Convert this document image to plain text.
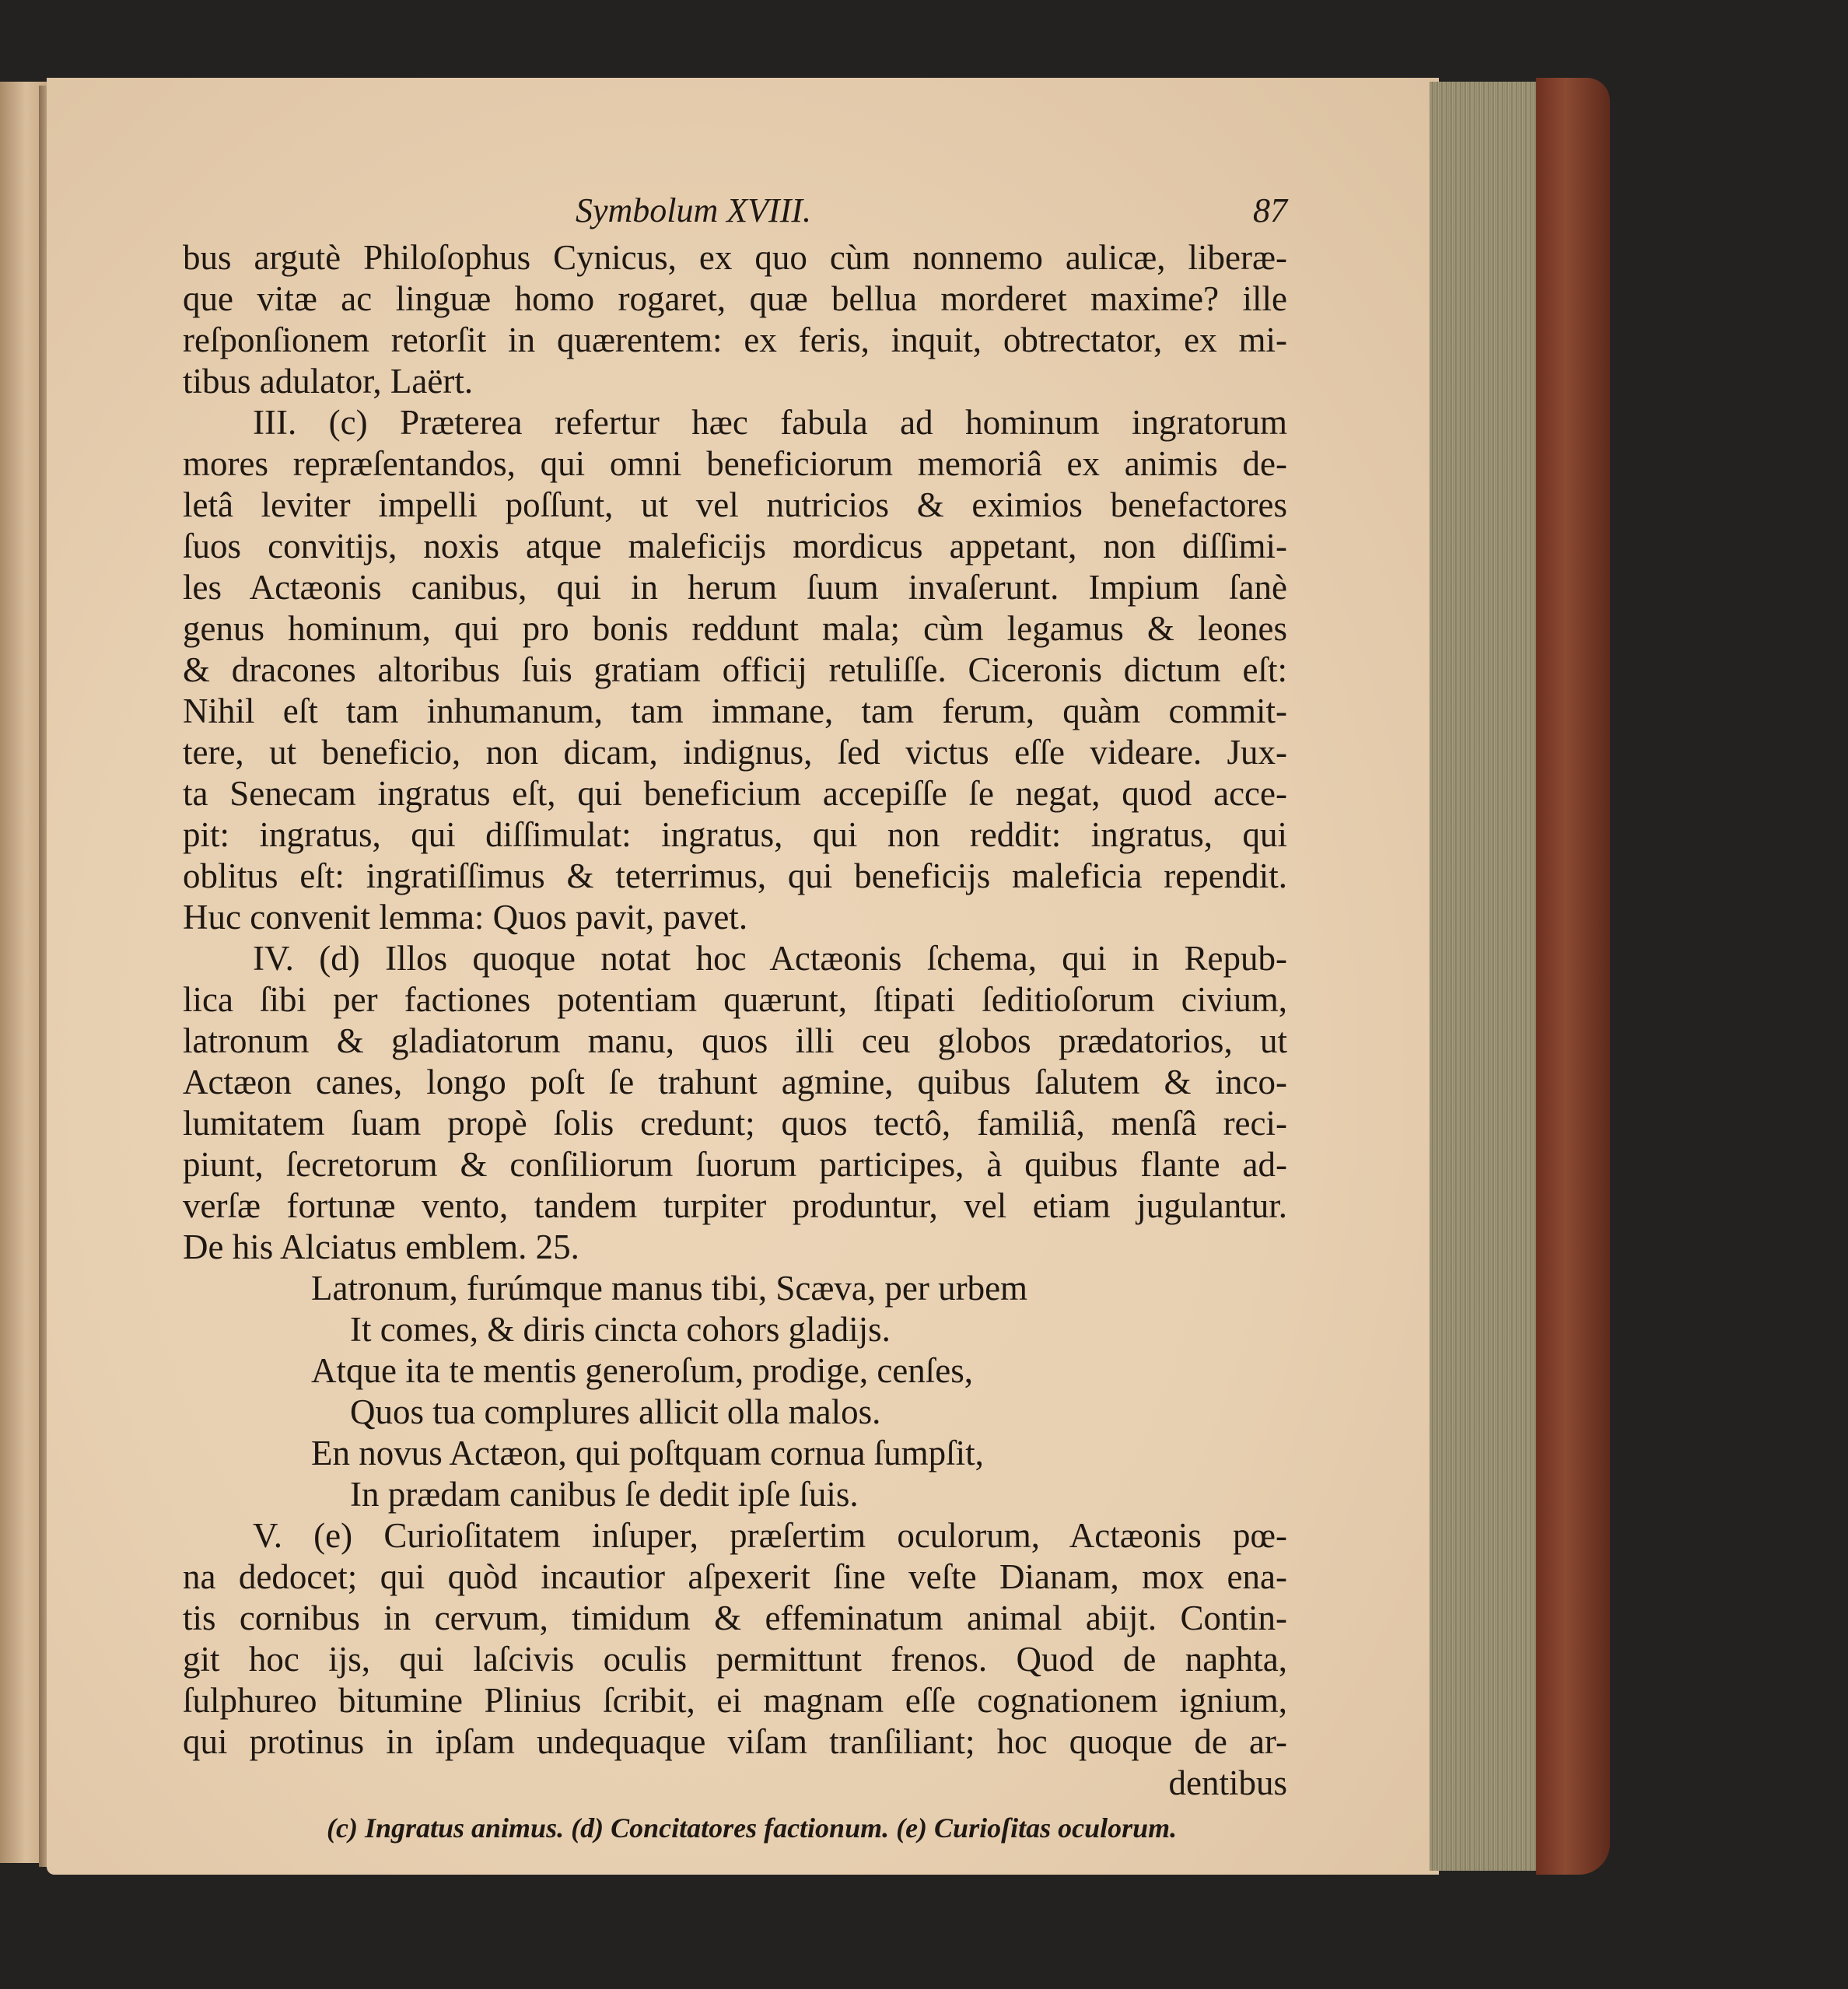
Symbolum XVIII.	87
bus argutè Philoſophus Cynicus, ex quo cùm nonnemo aulicæ, liberæ-
que vitæ ac linguæ homo rogaret, quæ bellua morderet maxime? ille
reſponſionem retorſit in quærentem: ex feris, inquit, obtrectator, ex mi-
tibus adulator, Laërt.
III. (c) Præterea refertur hæc fabula ad hominum ingratorum
mores repræſentandos, qui omni beneficiorum memoriâ ex animis de-
letâ leviter impelli poſſunt, ut vel nutricios & eximios benefactores
ſuos convitijs, noxis atque maleficijs mordicus appetant, non diſſimi-
les Actæonis canibus, qui in herum ſuum invaſerunt. Impium ſanè
genus hominum, qui pro bonis reddunt mala; cùm legamus & leones
& dracones altoribus ſuis gratiam officij retuliſſe. Ciceronis dictum eſt:
Nihil eſt tam inhumanum, tam immane, tam ferum, quàm commit-
tere, ut beneficio, non dicam, indignus, ſed victus eſſe videare. Jux-
ta Senecam ingratus eſt, qui beneficium accepiſſe ſe negat, quod acce-
pit: ingratus, qui diſſimulat: ingratus, qui non reddit: ingratus, qui
oblitus eſt: ingratiſſimus & teterrimus, qui beneficijs maleficia rependit.
Huc convenit lemma: Quos pavit, pavet.
IV. (d) Illos quoque notat hoc Actæonis ſchema, qui in Repub-
lica ſibi per factiones potentiam quærunt, ſtipati ſeditioſorum civium,
latronum & gladiatorum manu, quos illi ceu globos prædatorios, ut
Actæon canes, longo poſt ſe trahunt agmine, quibus ſalutem & inco-
lumitatem ſuam propè ſolis credunt; quos tectô, familiâ, menſâ reci-
piunt, ſecretorum & conſiliorum ſuorum participes, à quibus flante ad-
verſæ fortunæ vento, tandem turpiter produntur, vel etiam jugulantur.
De his Alciatus emblem. 25.
Latronum, furúmque manus tibi, Scæva, per urbem
It comes, & diris cincta cohors gladijs.
Atque ita te mentis generoſum, prodige, cenſes,
Quos tua complures allicit olla malos.
En novus Actæon, qui poſtquam cornua ſumpſit,
In prædam canibus ſe dedit ipſe ſuis.
V. (e) Curioſitatem inſuper, præſertim oculorum, Actæonis pœ-
na dedocet; qui quòd incautior aſpexerit ſine veſte Dianam, mox ena-
tis cornibus in cervum, timidum & effeminatum animal abijt. Contin-
git hoc ijs, qui laſcivis oculis permittunt frenos. Quod de naphta,
ſulphureo bitumine Plinius ſcribit, ei magnam eſſe cognationem ignium,
qui protinus in ipſam undequaque viſam tranſiliant; hoc quoque de ar-
dentibus
(c) Ingratus animus. (d) Concitatores factionum. (e) Curioſitas oculorum.
